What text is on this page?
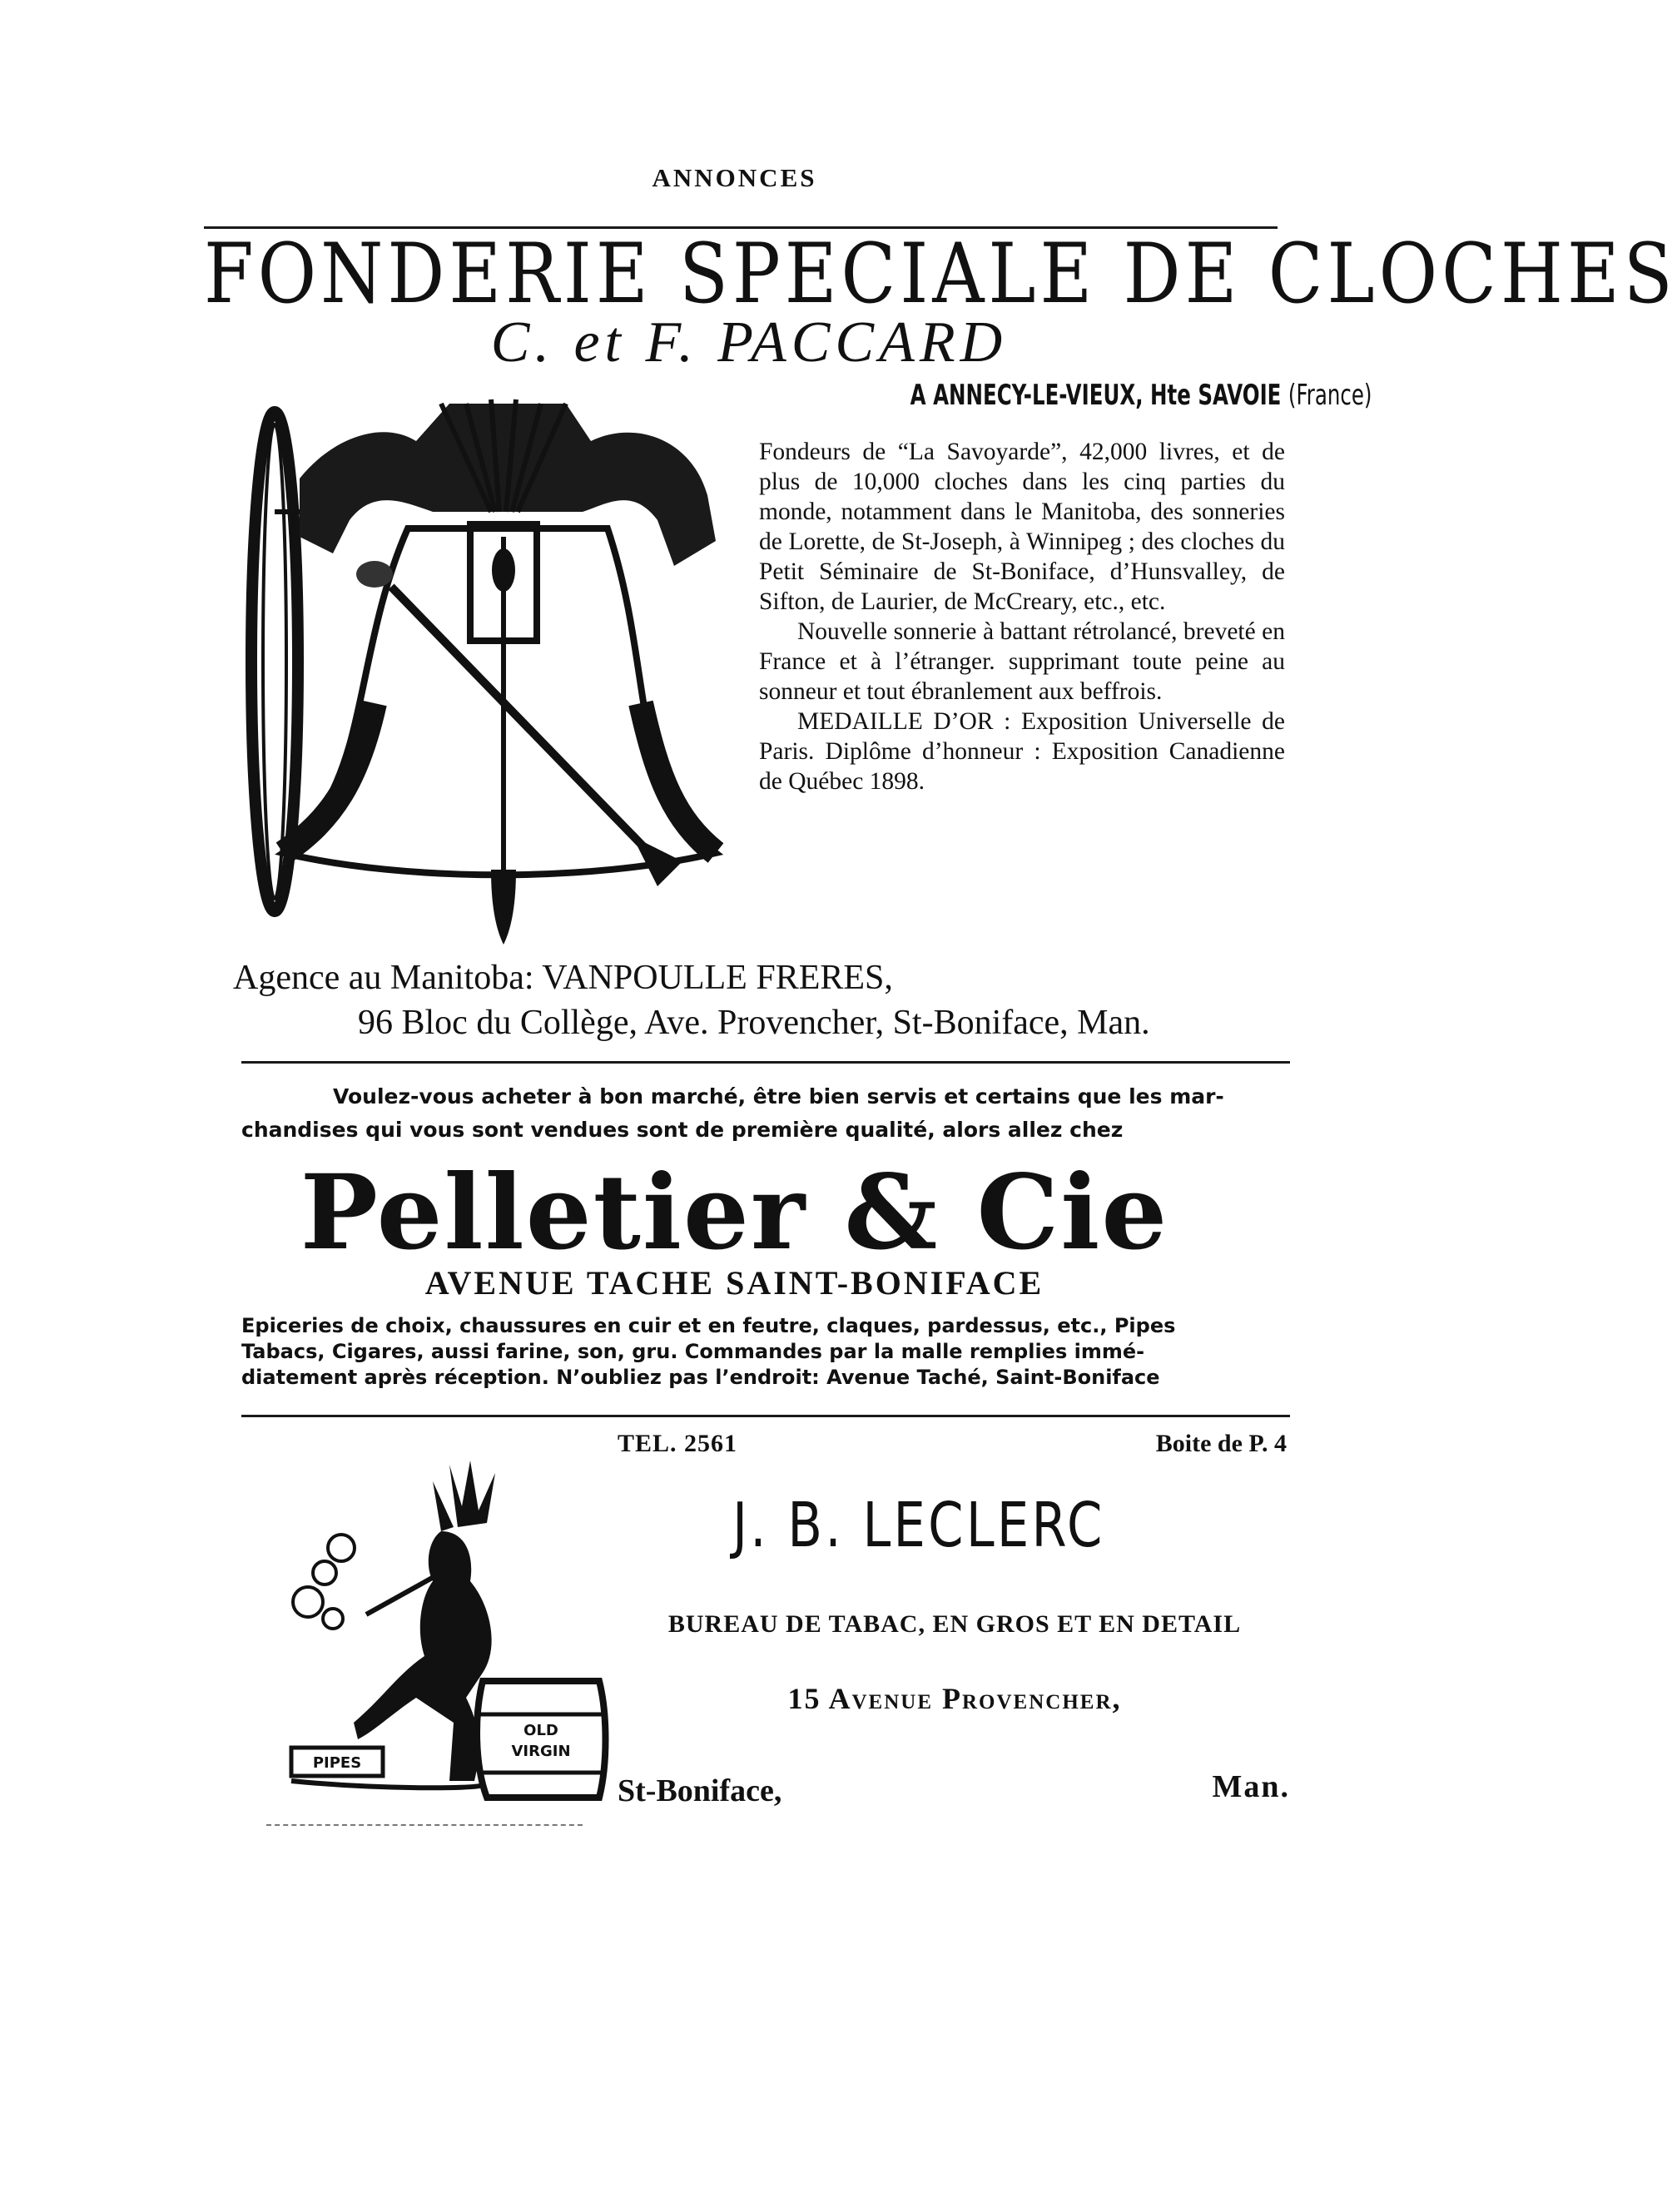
ANNONCES
FONDERIE SPECIALE DE CLOCHES
C. et F. PACCARD
A ANNECY-LE-VIEUX, Hte SAVOIE (France)

Fondeurs de “La Savoyarde”, 42,000 livres, et de plus de 10,000 cloches dans les cinq parties du monde, notamment dans le Manitoba, des sonneries de Lorette, de St-Joseph, à Winnipeg ; des cloches du Petit Séminaire de St-Boniface, d’Hunsvalley, de Sifton, de Laurier, de McCreary, etc., etc.

Nouvelle sonnerie à battant rétrolancé, breveté en France et à l’étranger. supprimant toute peine au sonneur et tout ébranlement aux beffrois.

MEDAILLE D’OR : Exposition Universelle de Paris. Diplôme d’honneur : Exposition Canadienne de Québec 1898.

Agence au Manitoba: VANPOULLE FRERES,
96 Bloc du Collège, Ave. Provencher, St-Boniface, Man.
Voulez-vous acheter à bon marché, être bien servis et certains que les mar-
chandises qui vous sont vendues sont de première qualité, alors allez chez
Pelletier & Cie
AVENUE TACHE SAINT-BONIFACE
Epiceries de choix, chaussures en cuir et en feutre, claques, pardessus, etc., Pipes
Tabacs, Cigares, aussi farine, son, gru. Commandes par la malle remplies immé-
diatement après réception. N’oubliez pas l’endroit: Avenue Taché, Saint-Boniface
TEL. 2561	Boite de P. 4
J. B. LECLERC
BUREAU DE TABAC, EN GROS ET EN DETAIL
15 Avenue Provencher,
St-Boniface,	Man.
OLD
VIRGIN
PIPES
